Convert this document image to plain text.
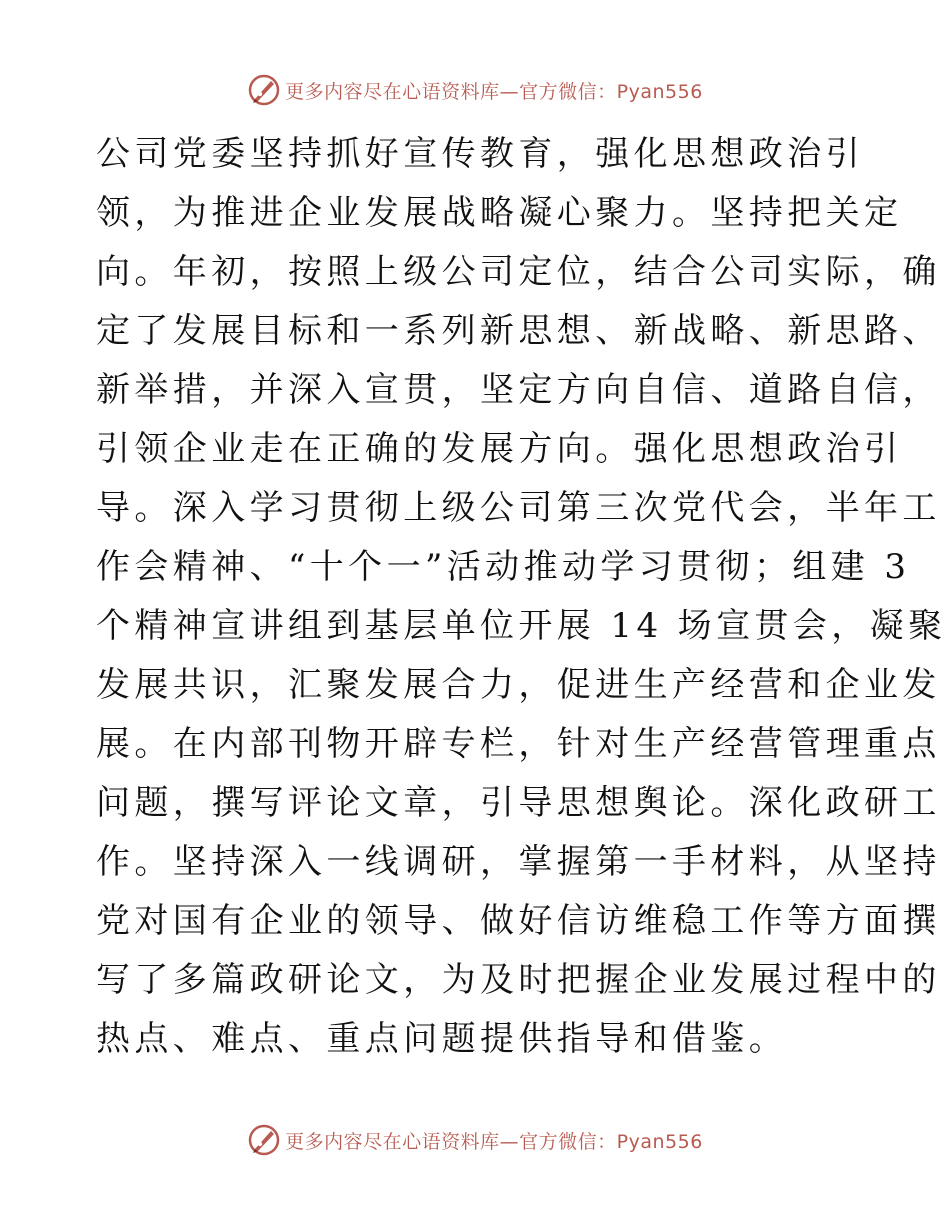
更多内容尽在心语资料库—官方微信：Pyan556
公司党委坚持抓好宣传教育，强化思想政治引
领，为推进企业发展战略凝心聚力。坚持把关定
向。年初，按照上级公司定位，结合公司实际，确
定了发展目标和一系列新思想、新战略、新思路、
新举措，并深入宣贯，坚定方向自信、道路自信，
引领企业走在正确的发展方向。强化思想政治引
导。深入学习贯彻上级公司第三次党代会，半年工
作会精神、“十个一”活动推动学习贯彻；组建 3
个精神宣讲组到基层单位开展 14 场宣贯会，凝聚
发展共识，汇聚发展合力，促进生产经营和企业发
展。在内部刊物开辟专栏，针对生产经营管理重点
问题，撰写评论文章，引导思想舆论。深化政研工
作。坚持深入一线调研，掌握第一手材料，从坚持
党对国有企业的领导、做好信访维稳工作等方面撰
写了多篇政研论文，为及时把握企业发展过程中的
热点、难点、重点问题提供指导和借鉴。
更多内容尽在心语资料库—官方微信：Pyan556
